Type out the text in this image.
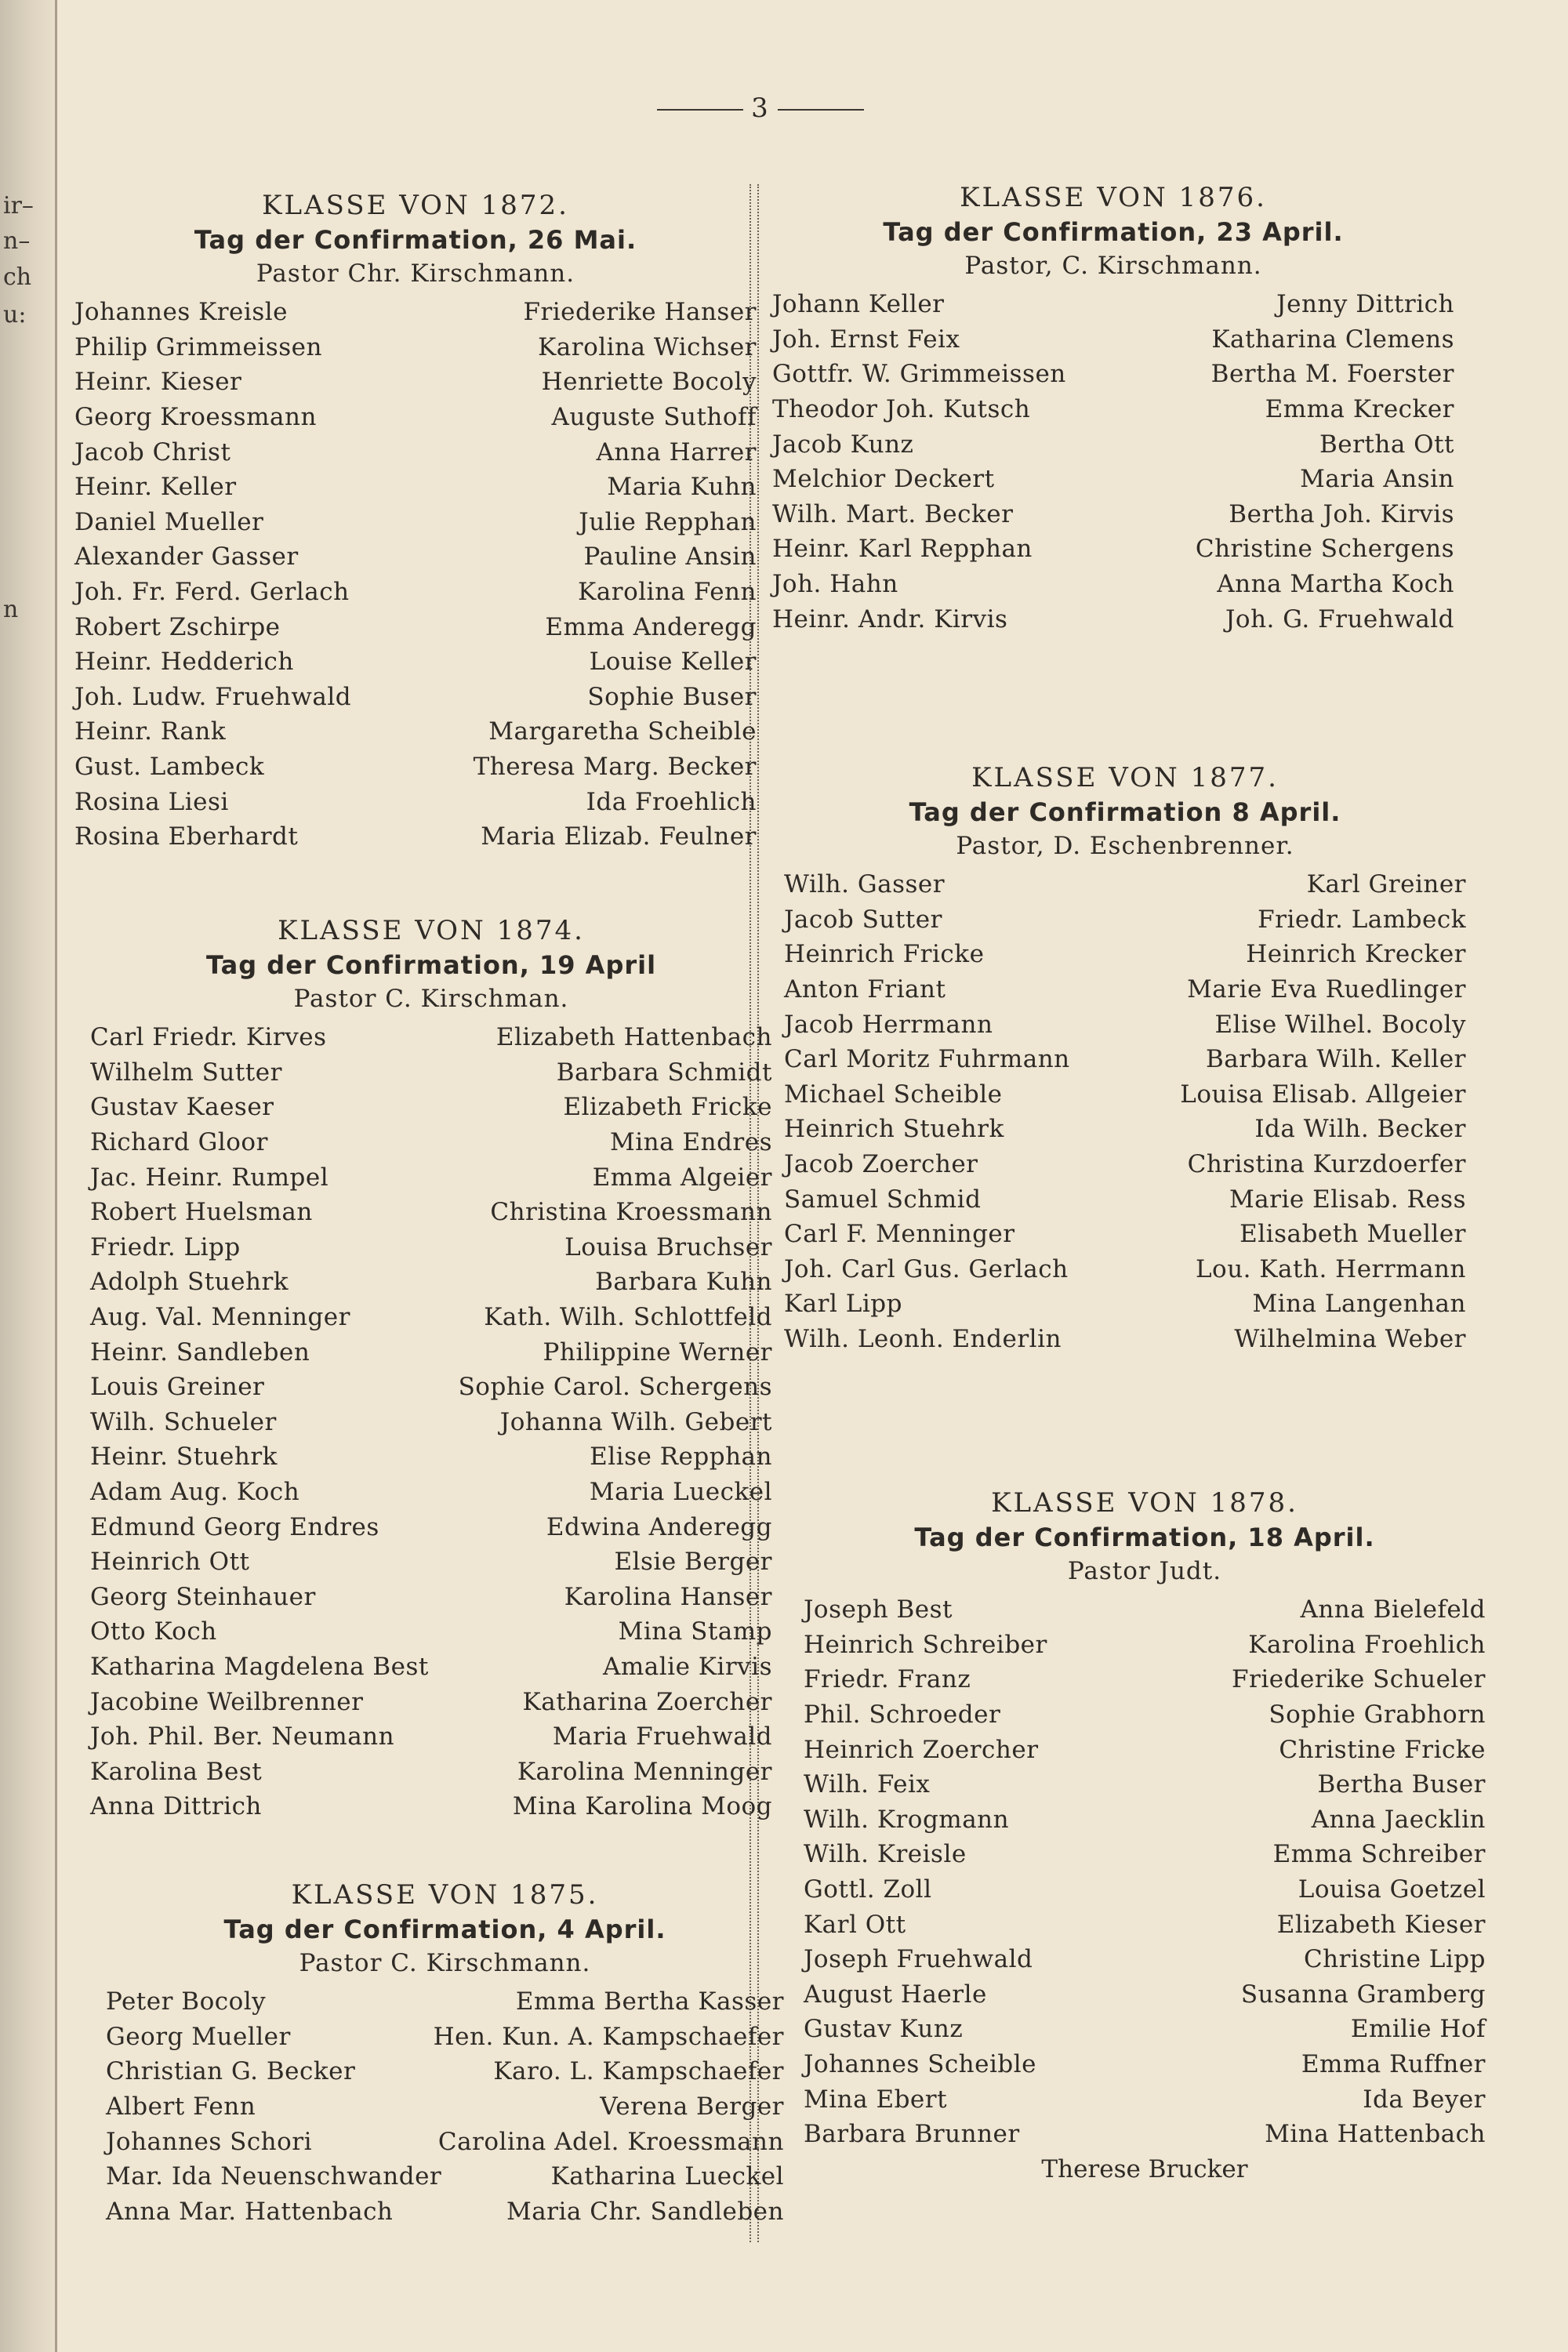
ir–
n–
ch
u:
n
3
KLASSE VON 1872.
Tag der Confirmation, 26 Mai.
Pastor Chr. Kirschmann.
Johannes Kreisle	Friederike Hanser
Philip Grimmeissen	Karolina Wichser
Heinr. Kieser	Henriette Bocoly
Georg Kroessmann	Auguste Suthoff
Jacob Christ	Anna Harrer
Heinr. Keller	Maria Kuhn
Daniel Mueller	Julie Repphan
Alexander Gasser	Pauline Ansin
Joh. Fr. Ferd. Gerlach	Karolina Fenn
Robert Zschirpe	Emma Anderegg
Heinr. Hedderich	Louise Keller
Joh. Ludw. Fruehwald	Sophie Buser
Heinr. Rank	Margaretha Scheible
Gust. Lambeck	Theresa Marg. Becker
Rosina Liesi	Ida Froehlich
Rosina Eberhardt	Maria Elizab. Feulner
KLASSE VON 1874.
Tag der Confirmation, 19 April
Pastor C. Kirschman.
Carl Friedr. Kirves	Elizabeth Hattenbach
Wilhelm Sutter	Barbara Schmidt
Gustav Kaeser	Elizabeth Fricke
Richard Gloor	Mina Endres
Jac. Heinr. Rumpel	Emma Algeier
Robert Huelsman	Christina Kroessmann
Friedr. Lipp	Louisa Bruchser
Adolph Stuehrk	Barbara Kuhn
Aug. Val. Menninger	Kath. Wilh. Schlottfeld
Heinr. Sandleben	Philippine Werner
Louis Greiner	Sophie Carol. Schergens
Wilh. Schueler	Johanna Wilh. Gebert
Heinr. Stuehrk	Elise Repphan
Adam Aug. Koch	Maria Lueckel
Edmund Georg Endres	Edwina Anderegg
Heinrich Ott	Elsie Berger
Georg Steinhauer	Karolina Hanser
Otto Koch	Mina Stamp
Katharina Magdelena Best	Amalie Kirvis
Jacobine Weilbrenner	Katharina Zoercher
Joh. Phil. Ber. Neumann	Maria Fruehwald
Karolina Best	Karolina Menninger
Anna Dittrich	Mina Karolina Moog
KLASSE VON 1875.
Tag der Confirmation, 4 April.
Pastor C. Kirschmann.
Peter Bocoly	Emma Bertha Kasser
Georg Mueller	Hen. Kun. A. Kampschaefer
Christian G. Becker	Karo. L. Kampschaefer
Albert Fenn	Verena Berger
Johannes Schori	Carolina Adel. Kroessmann
Mar. Ida Neuenschwander	Katharina Lueckel
Anna Mar. Hattenbach	Maria Chr. Sandleben
KLASSE VON 1876.
Tag der Confirmation, 23 April.
Pastor, C. Kirschmann.
Johann Keller	Jenny Dittrich
Joh. Ernst Feix	Katharina Clemens
Gottfr. W. Grimmeissen	Bertha M. Foerster
Theodor Joh. Kutsch	Emma Krecker
Jacob Kunz	Bertha Ott
Melchior Deckert	Maria Ansin
Wilh. Mart. Becker	Bertha Joh. Kirvis
Heinr. Karl Repphan	Christine Schergens
Joh. Hahn	Anna Martha Koch
Heinr. Andr. Kirvis	Joh. G. Fruehwald
KLASSE VON 1877.
Tag der Confirmation 8 April.
Pastor, D. Eschenbrenner.
Wilh. Gasser	Karl Greiner
Jacob Sutter	Friedr. Lambeck
Heinrich Fricke	Heinrich Krecker
Anton Friant	Marie Eva Ruedlinger
Jacob Herrmann	Elise Wilhel. Bocoly
Carl Moritz Fuhrmann	Barbara Wilh. Keller
Michael Scheible	Louisa Elisab. Allgeier
Heinrich Stuehrk	Ida Wilh. Becker
Jacob Zoercher	Christina Kurzdoerfer
Samuel Schmid	Marie Elisab. Ress
Carl F. Menninger	Elisabeth Mueller
Joh. Carl Gus. Gerlach	Lou. Kath. Herrmann
Karl Lipp	Mina Langenhan
Wilh. Leonh. Enderlin	Wilhelmina Weber
KLASSE VON 1878.
Tag der Confirmation, 18 April.
Pastor Judt.
Joseph Best	Anna Bielefeld
Heinrich Schreiber	Karolina Froehlich
Friedr. Franz	Friederike Schueler
Phil. Schroeder	Sophie Grabhorn
Heinrich Zoercher	Christine Fricke
Wilh. Feix	Bertha Buser
Wilh. Krogmann	Anna Jaecklin
Wilh. Kreisle	Emma Schreiber
Gottl. Zoll	Louisa Goetzel
Karl Ott	Elizabeth Kieser
Joseph Fruehwald	Christine Lipp
August Haerle	Susanna Gramberg
Gustav Kunz	Emilie Hof
Johannes Scheible	Emma Ruffner
Mina Ebert	Ida Beyer
Barbara Brunner	Mina Hattenbach
Therese Brucker
